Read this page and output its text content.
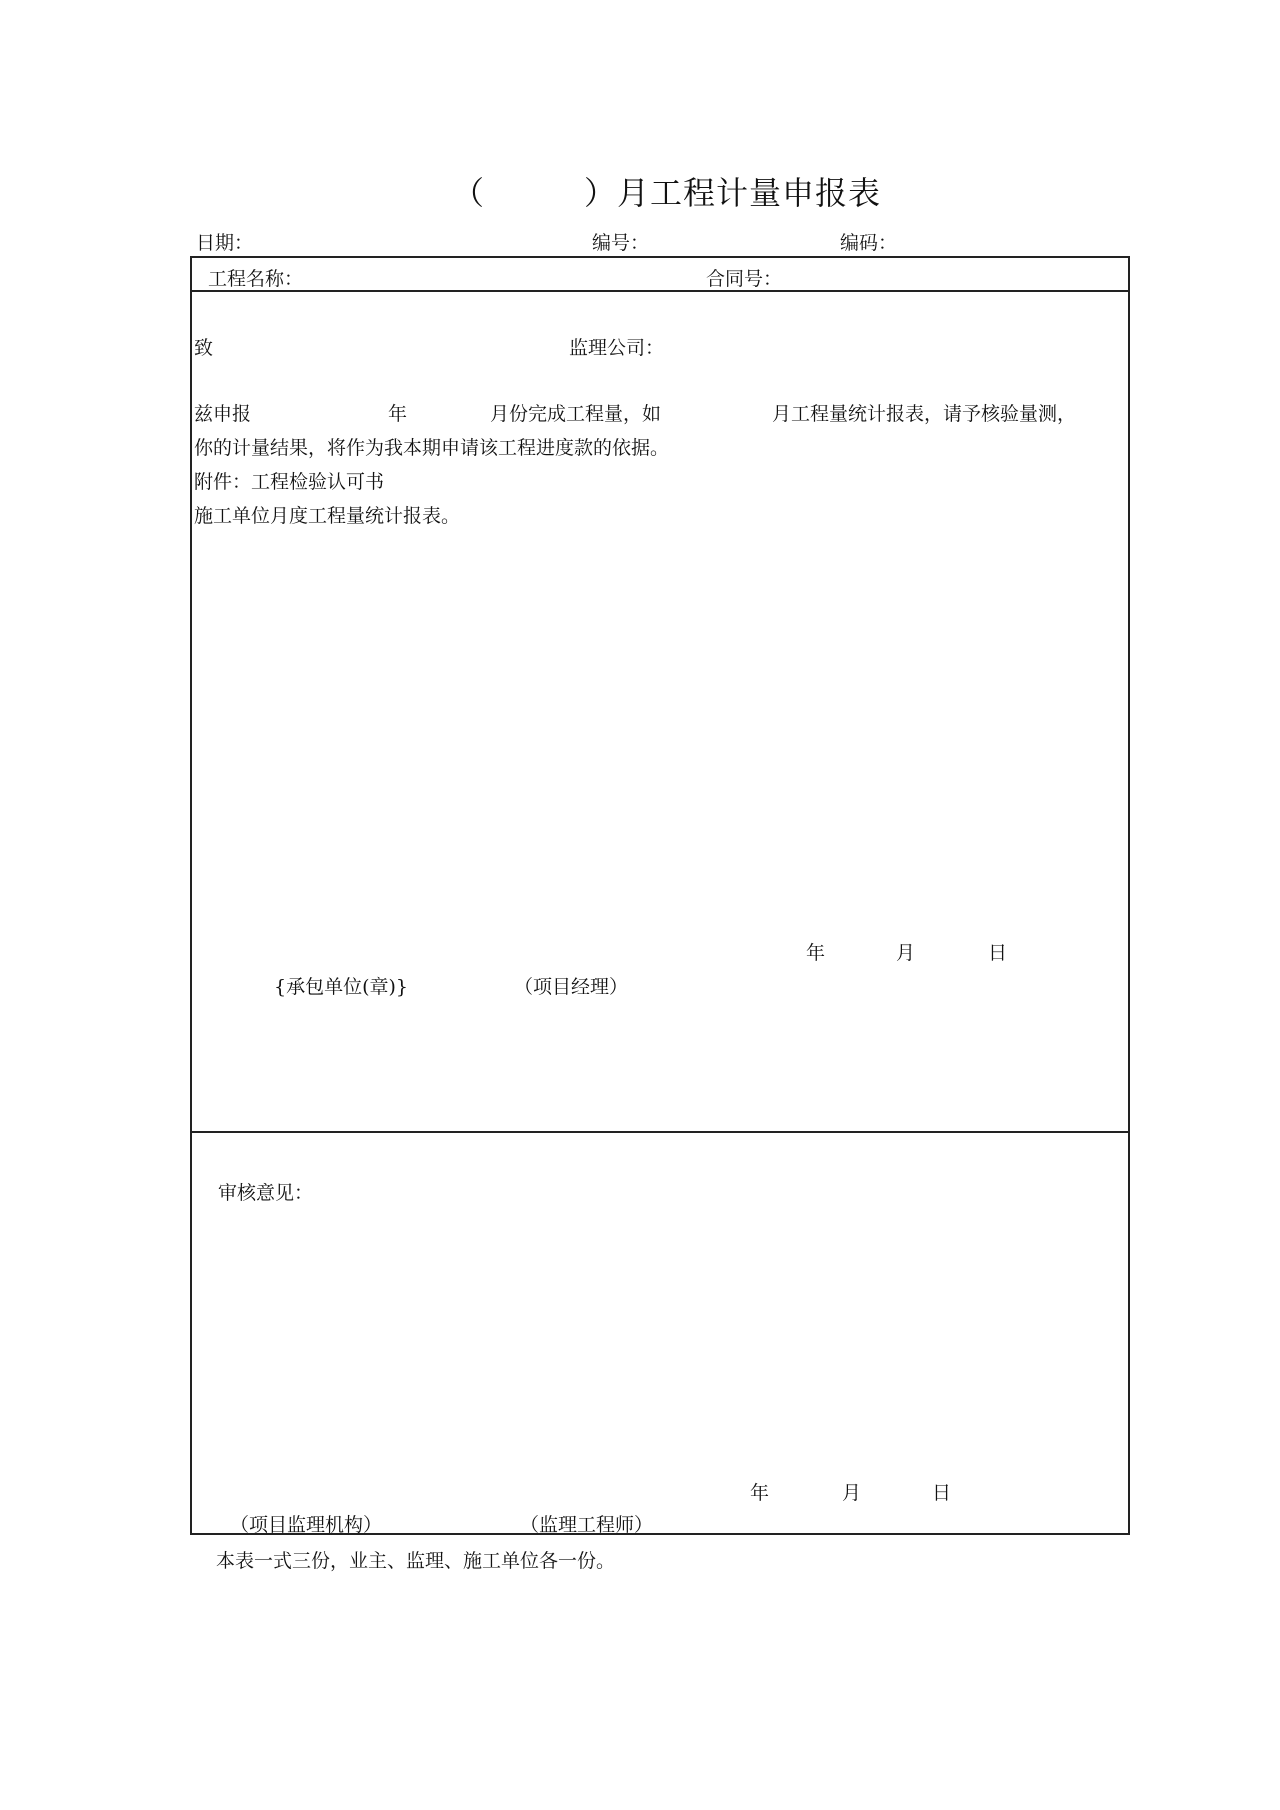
（　　　）月工程计量申报表
日期：	编号：	编码：
工程名称：	合同号：
致	监理公司：
兹申报	年	月份完成工程量，如	月工程量统计报表，请予核验量测，
你的计量结果，将作为我本期申请该工程进度款的依据。
附件：工程检验认可书
施工单位月度工程量统计报表。
年	月	日
{承包单位(章)}	（项目经理）
审核意见：
年	月	日
（项目监理机构）	（监理工程师）
本表一式三份，业主、监理、施工单位各一份。
